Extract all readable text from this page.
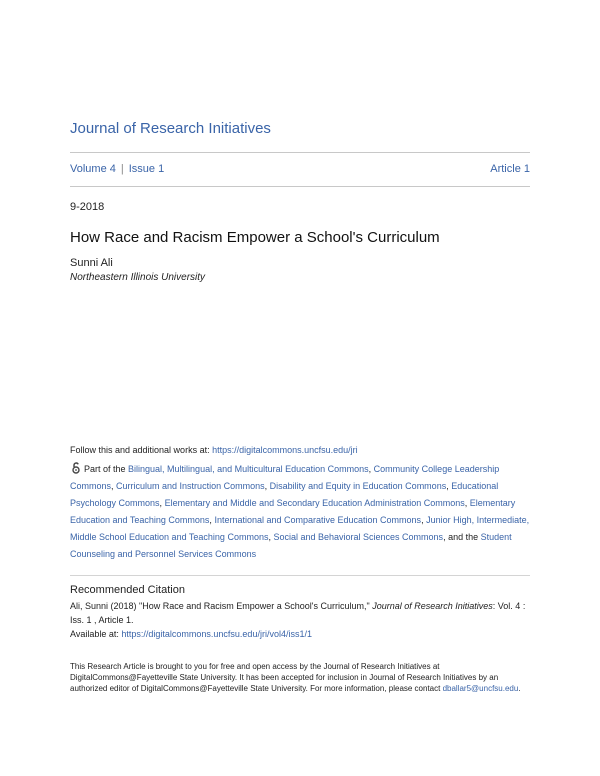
Journal of Research Initiatives
Volume 4 | Issue 1	Article 1
9-2018
How Race and Racism Empower a School's Curriculum
Sunni Ali
Northeastern Illinois University
Follow this and additional works at: https://digitalcommons.uncfsu.edu/jri
Part of the Bilingual, Multilingual, and Multicultural Education Commons, Community College Leadership Commons, Curriculum and Instruction Commons, Disability and Equity in Education Commons, Educational Psychology Commons, Elementary and Middle and Secondary Education Administration Commons, Elementary Education and Teaching Commons, International and Comparative Education Commons, Junior High, Intermediate, Middle School Education and Teaching Commons, Social and Behavioral Sciences Commons, and the Student Counseling and Personnel Services Commons
Recommended Citation
Ali, Sunni (2018) "How Race and Racism Empower a School's Curriculum," Journal of Research Initiatives: Vol. 4 : Iss. 1 , Article 1.
Available at: https://digitalcommons.uncfsu.edu/jri/vol4/iss1/1
This Research Article is brought to you for free and open access by the Journal of Research Initiatives at DigitalCommons@Fayetteville State University. It has been accepted for inclusion in Journal of Research Initiatives by an authorized editor of DigitalCommons@Fayetteville State University. For more information, please contact dballar5@uncfsu.edu.
